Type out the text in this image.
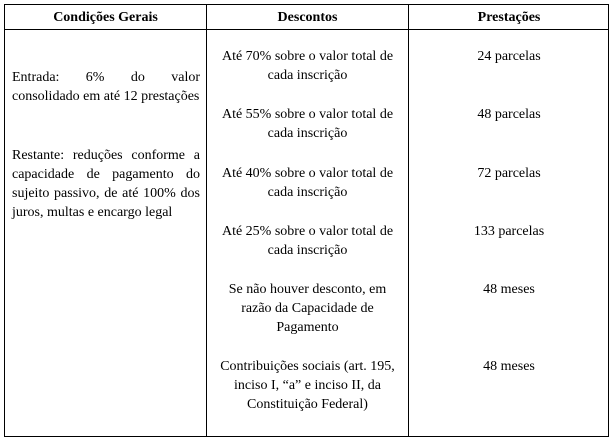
Condições Gerais	Descontos	Prestações
Entrada: 6% do valor consolidado em até 12 prestações
Restante: reduções conforme a capacidade de pagamento do sujeito passivo, de até 100% dos juros, multas e encargo legal
Até 70% sobre o valor total de cada inscrição
Até 55% sobre o valor total de cada inscrição
Até 40% sobre o valor total de cada inscrição
Até 25% sobre o valor total de cada inscrição
Se não houver desconto, em razão da Capacidade de Pagamento
Contribuições sociais (art. 195, inciso I, “a” e inciso II, da Constituição Federal)
24 parcelas
48 parcelas
72 parcelas
133 parcelas
48 meses
48 meses
